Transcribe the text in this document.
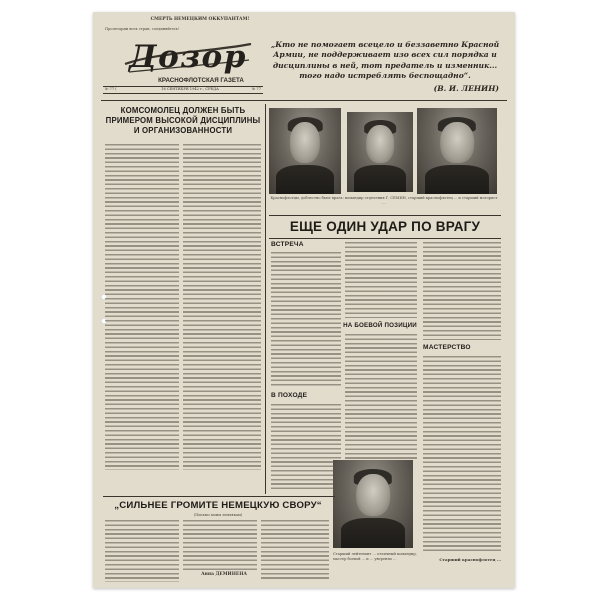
СМЕРТЬ НЕМЕЦКИМ ОККУПАНТАМ!
Пролетарии всех стран, соединяйтесь!
Дозор
КРАСНОФЛОТСКАЯ ГАЗЕТА
№ 77 (	16 СЕНТЯБРЯ 1942 г., СРЕДА	№ 77
„Кто не помогает всецело и беззаветно Красной Армии, не поддерживает изо всех сил порядка и дисциплины в ней, тот предатель и изменник... того надо истреблять беспощадно“.
(В. И. ЛЕНИН)
КОМСОМОЛЕЦ ДОЛЖЕН БЫТЬ ПРИМЕРОМ ВЫСОКОЙ ДИСЦИПЛИНЫ И ОРГАНИЗОВАННОСТИ
Краснофлотцы, доблестно бьют врага: командир отделения Г. СЕМИН, старший краснофлотец ... и старший моторист ...
ЕЩЕ ОДИН УДАР ПО ВРАГУ
ВСТРЕЧА
В ПОХОДЕ
НА БОЕВОЙ ПОЗИЦИИ
МАСТЕРСТВО
Старший лейтенант ... отличный командир, мастер боевой ... и ... уверенно ...
„СИЛЬНЕЕ ГРОМИТЕ НЕМЕЦКУЮ СВОРУ“
(Письмо моим землякам)
Анна ДЕМИНЕНА
Старший краснофлотец ...
